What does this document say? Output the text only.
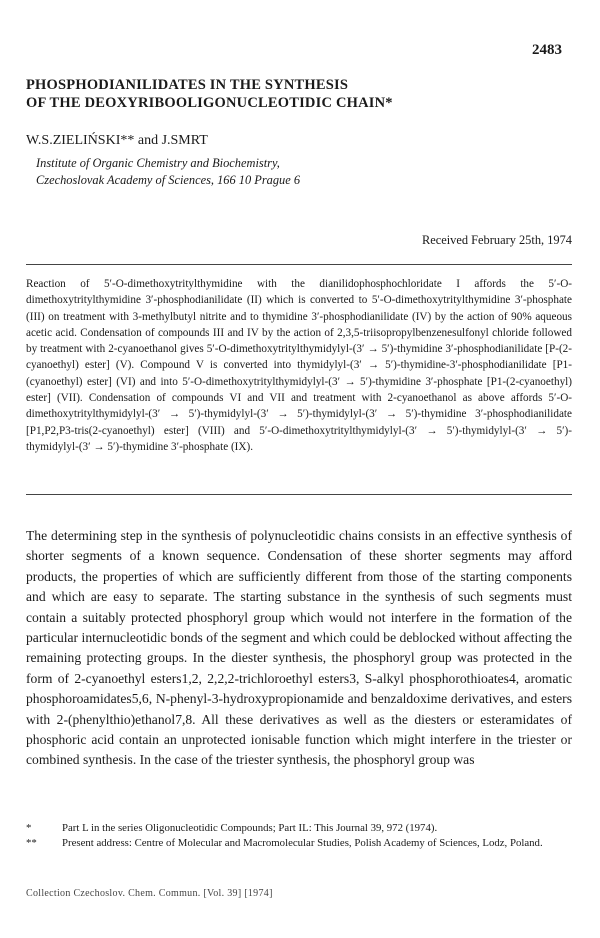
2483
PHOSPHODIANILIDATES IN THE SYNTHESIS
OF THE DEOXYRIBOOLIGONUCLEOTIDIC CHAIN*
W.S.ZIELIŃSKI** and J.SMRT
Institute of Organic Chemistry and Biochemistry,
Czechoslovak Academy of Sciences, 166 10 Prague 6
Received February 25th, 1974
Reaction of 5′-O-dimethoxytritylthymidine with the dianilidophosphochloridate I affords the 5′-O-dimethoxytritylthymidine 3′-phosphodianilidate (II) which is converted to 5′-O-dimethoxytritylthymidine 3′-phosphate (III) on treatment with 3-methylbutyl nitrite and to thymidine 3′-phosphodianilidate (IV) by the action of 90% aqueous acetic acid. Condensation of compounds III and IV by the action of 2,3,5-triisopropylbenzenesulfonyl chloride followed by treatment with 2-cyanoethanol gives 5′-O-dimethoxytritylthymidylyl-(3′ → 5′)-thymidine 3′-phosphodianilidate [P-(2-cyanoethyl) ester] (V). Compound V is converted into thymidylyl-(3′ → 5′)-thymidine-3′-phosphodianilidate [P1-(cyanoethyl) ester] (VI) and into 5′-O-dimethoxytritylthymidylyl-(3′ → 5′)-thymidine 3′-phosphate [P1-(2-cyanoethyl) ester] (VII). Condensation of compounds VI and VII and treatment with 2-cyanoethanol as above affords 5′-O-dimethoxytritylthymidylyl-(3′ → 5′)-thymidylyl-(3′ → 5′)-thymidylyl-(3′ → 5′)-thymidine 3′-phosphodianilidate [P1,P2,P3-tris(2-cyanoethyl) ester] (VIII) and 5′-O-dimethoxytritylthymidylyl-(3′ → 5′)-thymidylyl-(3′ → 5′)-thymidylyl-(3′ → 5′)-thymidine 3′-phosphate (IX).
The determining step in the synthesis of polynucleotidic chains consists in an effective synthesis of shorter segments of a known sequence. Condensation of these shorter segments may afford products, the properties of which are sufficiently different from those of the starting components and which are easy to separate. The starting substance in the synthesis of such segments must contain a suitably protected phosphoryl group which would not interfere in the formation of the particular internucleotidic bonds of the segment and which could be deblocked without affecting the remaining protecting groups. In the diester synthesis, the phosphoryl group was protected in the form of 2-cyanoethyl esters1,2, 2,2,2-trichloroethyl esters3, S-alkyl phosphorothioates4, aromatic phosphoroamidates5,6, N-phenyl-3-hydroxypropionamide and benzaldoxime derivatives, and esters with 2-(phenylthio)ethanol7,8. All these derivatives as well as the diesters or esteramidates of phosphoric acid contain an unprotected ionisable function which might interfere in the triester or combined synthesis. In the case of the triester synthesis, the phosphoryl group was
*	Part L in the series Oligonucleotidic Compounds; Part IL: This Journal 39, 972 (1974).
**	Present address: Centre of Molecular and Macromolecular Studies, Polish Academy of Sciences, Lodz, Poland.
Collection Czechoslov. Chem. Commun. [Vol. 39] [1974]
